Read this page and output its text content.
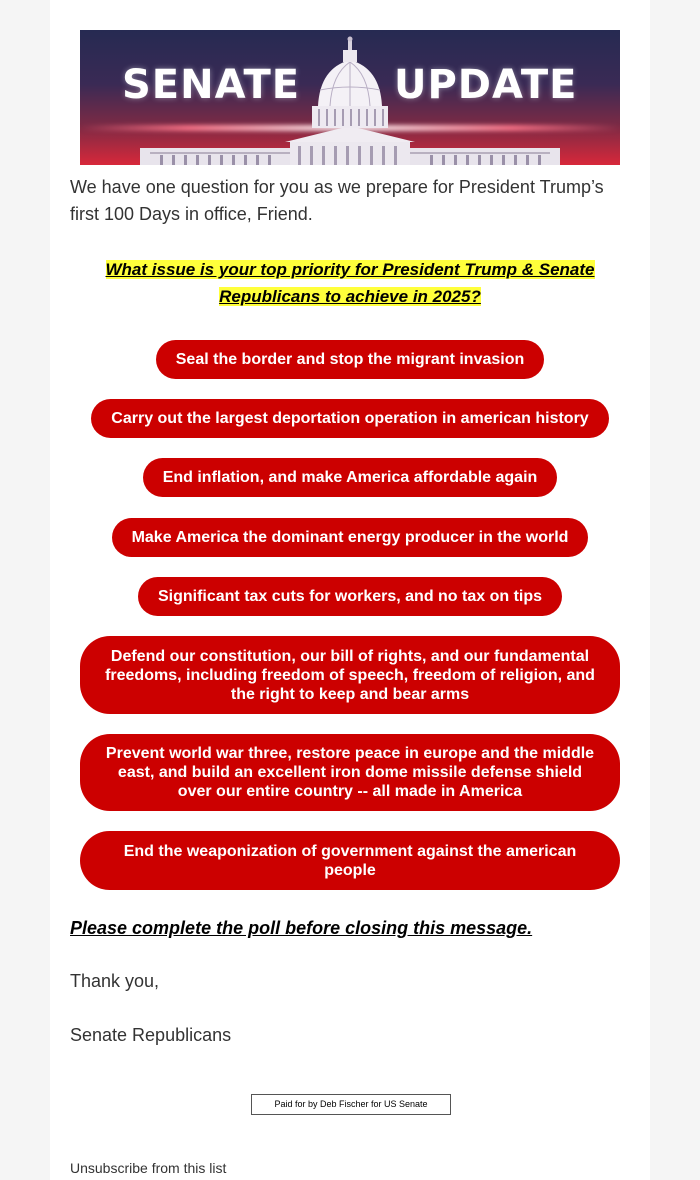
SENATE UPDATE
We have one question for you as we prepare for President Trump’s first 100 Days in office, Friend.
What issue is your top priority for President Trump & Senate Republicans to achieve in 2025?
Seal the border and stop the migrant invasion
Carry out the largest deportation operation in american history
End inflation, and make America affordable again
Make America the dominant energy producer in the world
Significant tax cuts for workers, and no tax on tips
Defend our constitution, our bill of rights, and our fundamental freedoms, including freedom of speech, freedom of religion, and the right to keep and bear arms
Prevent world war three, restore peace in europe and the middle east, and build an excellent iron dome missile defense shield over our entire country -- all made in America
End the weaponization of government against the american people
Please complete the poll before closing this message.
Thank you,
Senate Republicans
Paid for by Deb Fischer for US Senate
Unsubscribe from this list
